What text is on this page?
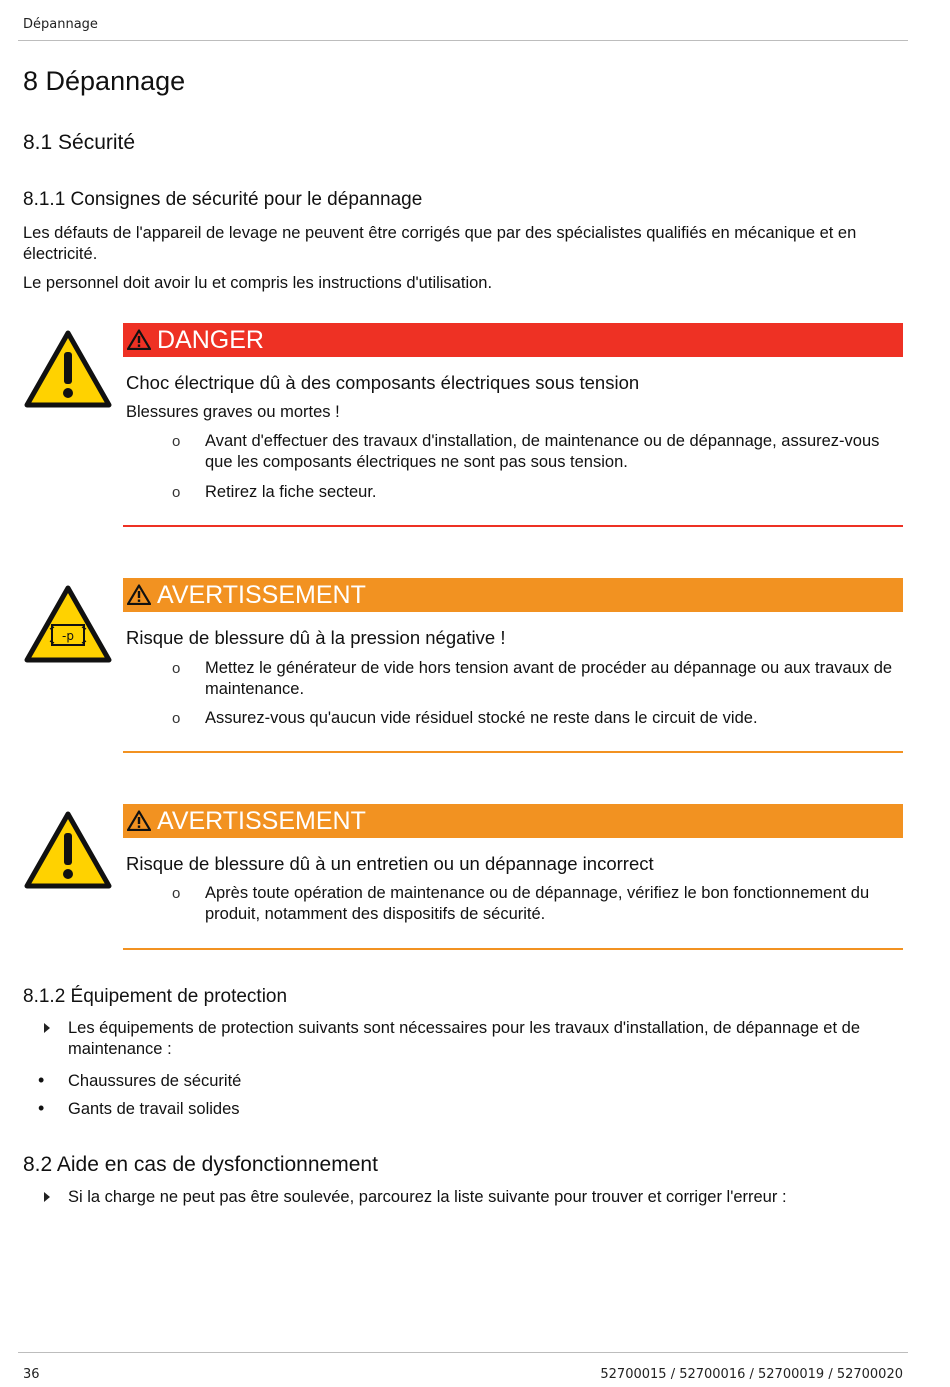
Dépannage
8 Dépannage
8.1 Sécurité
8.1.1 Consignes de sécurité pour le dépannage
Les défauts de l'appareil de levage ne peuvent être corrigés que par des spécialistes qualifiés en mécanique et en électricité.
Le personnel doit avoir lu et compris les instructions d'utilisation.
DANGER
Choc électrique dû à des composants électriques sous tension
Blessures graves ou mortes !
o Avant d'effectuer des travaux d'installation, de maintenance ou de dépannage, assurez-vous que les composants électriques ne sont pas sous tension.
o Retirez la fiche secteur.
-p
AVERTISSEMENT
Risque de blessure dû à la pression négative !
o Mettez le générateur de vide hors tension avant de procéder au dépannage ou aux travaux de maintenance.
o Assurez-vous qu'aucun vide résiduel stocké ne reste dans le circuit de vide.
AVERTISSEMENT
Risque de blessure dû à un entretien ou un dépannage incorrect
o Après toute opération de maintenance ou de dépannage, vérifiez le bon fonctionnement du produit, notamment des dispositifs de sécurité.
8.1.2 Équipement de protection
Les équipements de protection suivants sont nécessaires pour les travaux d'installation, de dépannage et de maintenance :
• Chaussures de sécurité
• Gants de travail solides
8.2 Aide en cas de dysfonctionnement
Si la charge ne peut pas être soulevée, parcourez la liste suivante pour trouver et corriger l'erreur :
36	52700015 / 52700016 / 52700019 / 52700020
